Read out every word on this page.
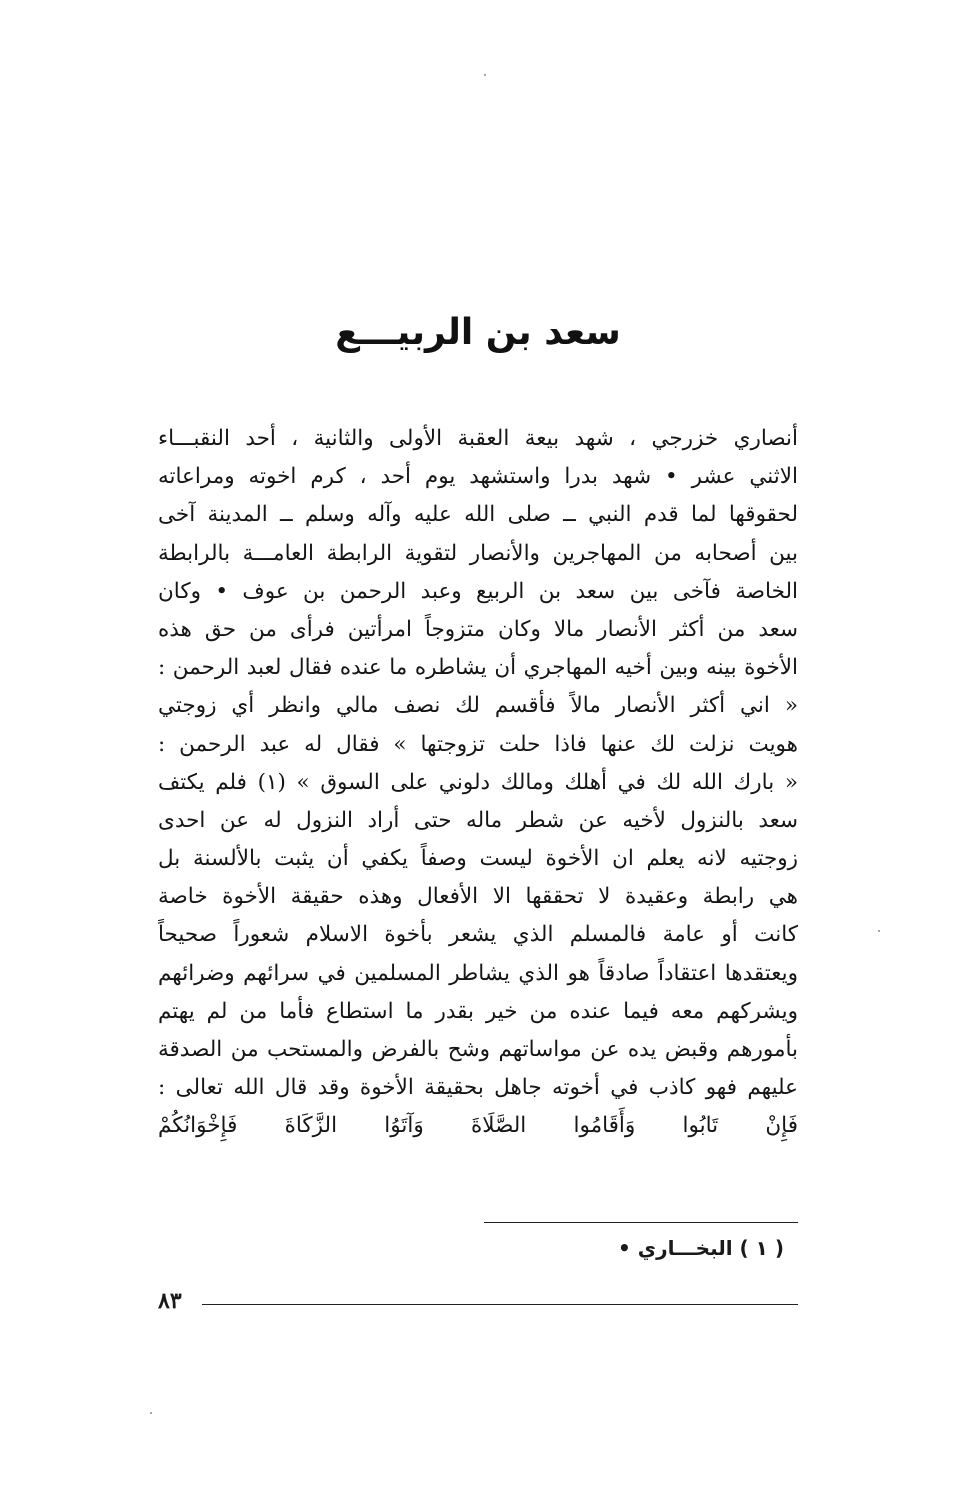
سعد بن الربيـــع
أنصاري خزرجي ، شهد بيعة العقبة الأولى والثانية ، أحد النقبـــاء
الاثني عشر • شهد بدرا واستشهد يوم أحد ، كرم اخوته ومراعاته
لحقوقها لما قدم النبي ــ صلى الله عليه وآله وسلم ــ المدينة آخى
بين أصحابه من المهاجرين والأنصار لتقوية الرابطة العامـــة بالرابطة
الخاصة فآخى بين سعد بن الربيع وعبد الرحمن بن عوف • وكان
سعد من أكثر الأنصار مالا وكان متزوجاً امرأتين فرأى من حق هذه
الأخوة بينه وبين أخيه المهاجري أن يشاطره ما عنده فقال لعبد الرحمن :
« اني أكثر الأنصار مالاً فأقسم لك نصف مالي وانظر أي زوجتي
هويت نزلت لك عنها فاذا حلت تزوجتها » فقال له عبد الرحمن :
« بارك الله لك في أهلك ومالك دلوني على السوق » (١) فلم يكتف
سعد بالنزول لأخيه عن شطر ماله حتى أراد النزول له عن احدى
زوجتيه لانه يعلم ان الأخوة ليست وصفاً يكفي أن يثبت بالألسنة بل
هي رابطة وعقيدة لا تحققها الا الأفعال وهذه حقيقة الأخوة خاصة
كانت أو عامة فالمسلم الذي يشعر بأخوة الاسلام شعوراً صحيحاً
ويعتقدها اعتقاداً صادقاً هو الذي يشاطر المسلمين في سرائهم وضرائهم
ويشركهم معه فيما عنده من خير بقدر ما استطاع فأما من لم يهتم
بأمورهم وقبض يده عن مواساتهم وشح بالفرض والمستحب من الصدقة
عليهم فهو كاذب في أخوته جاهل بحقيقة الأخوة وقد قال الله تعالى :
فَإِنْ تَابُوا وَأَقَامُوا الصَّلَاةَ وَآتَوُا الزَّكَاةَ فَإِخْوَانُكُمْ
( ١ ) البخـــاري •
٨٣
